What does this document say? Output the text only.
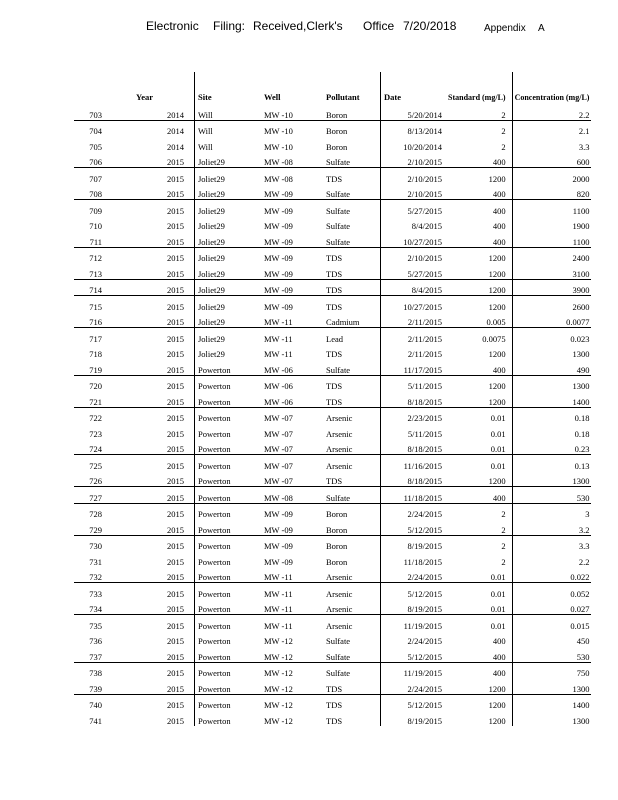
Electronic Filing: Received,Clerk's Office 7/20/2018	Appendix A
	Year	Site	Well	Pollutant	Date	Standard (mg/L)	Concentration (mg/L)
703	2014	Will	MW -10	Boron	5/20/2014	2	2.2
704	2014	Will	MW -10	Boron	8/13/2014	2	2.1
705	2014	Will	MW -10	Boron	10/20/2014	2	3.3
706	2015	Joliet29	MW -08	Sulfate	2/10/2015	400	600
707	2015	Joliet29	MW -08	TDS	2/10/2015	1200	2000
708	2015	Joliet29	MW -09	Sulfate	2/10/2015	400	820
709	2015	Joliet29	MW -09	Sulfate	5/27/2015	400	1100
710	2015	Joliet29	MW -09	Sulfate	8/4/2015	400	1900
711	2015	Joliet29	MW -09	Sulfate	10/27/2015	400	1100
712	2015	Joliet29	MW -09	TDS	2/10/2015	1200	2400
713	2015	Joliet29	MW -09	TDS	5/27/2015	1200	3100
714	2015	Joliet29	MW -09	TDS	8/4/2015	1200	3900
715	2015	Joliet29	MW -09	TDS	10/27/2015	1200	2600
716	2015	Joliet29	MW -11	Cadmium	2/11/2015	0.005	0.0077
717	2015	Joliet29	MW -11	Lead	2/11/2015	0.0075	0.023
718	2015	Joliet29	MW -11	TDS	2/11/2015	1200	1300
719	2015	Powerton	MW -06	Sulfate	11/17/2015	400	490
720	2015	Powerton	MW -06	TDS	5/11/2015	1200	1300
721	2015	Powerton	MW -06	TDS	8/18/2015	1200	1400
722	2015	Powerton	MW -07	Arsenic	2/23/2015	0.01	0.18
723	2015	Powerton	MW -07	Arsenic	5/11/2015	0.01	0.18
724	2015	Powerton	MW -07	Arsenic	8/18/2015	0.01	0.23
725	2015	Powerton	MW -07	Arsenic	11/16/2015	0.01	0.13
726	2015	Powerton	MW -07	TDS	8/18/2015	1200	1300
727	2015	Powerton	MW -08	Sulfate	11/18/2015	400	530
728	2015	Powerton	MW -09	Boron	2/24/2015	2	3
729	2015	Powerton	MW -09	Boron	5/12/2015	2	3.2
730	2015	Powerton	MW -09	Boron	8/19/2015	2	3.3
731	2015	Powerton	MW -09	Boron	11/18/2015	2	2.2
732	2015	Powerton	MW -11	Arsenic	2/24/2015	0.01	0.022
733	2015	Powerton	MW -11	Arsenic	5/12/2015	0.01	0.052
734	2015	Powerton	MW -11	Arsenic	8/19/2015	0.01	0.027
735	2015	Powerton	MW -11	Arsenic	11/19/2015	0.01	0.015
736	2015	Powerton	MW -12	Sulfate	2/24/2015	400	450
737	2015	Powerton	MW -12	Sulfate	5/12/2015	400	530
738	2015	Powerton	MW -12	Sulfate	11/19/2015	400	750
739	2015	Powerton	MW -12	TDS	2/24/2015	1200	1300
740	2015	Powerton	MW -12	TDS	5/12/2015	1200	1400
741	2015	Powerton	MW -12	TDS	8/19/2015	1200	1300
